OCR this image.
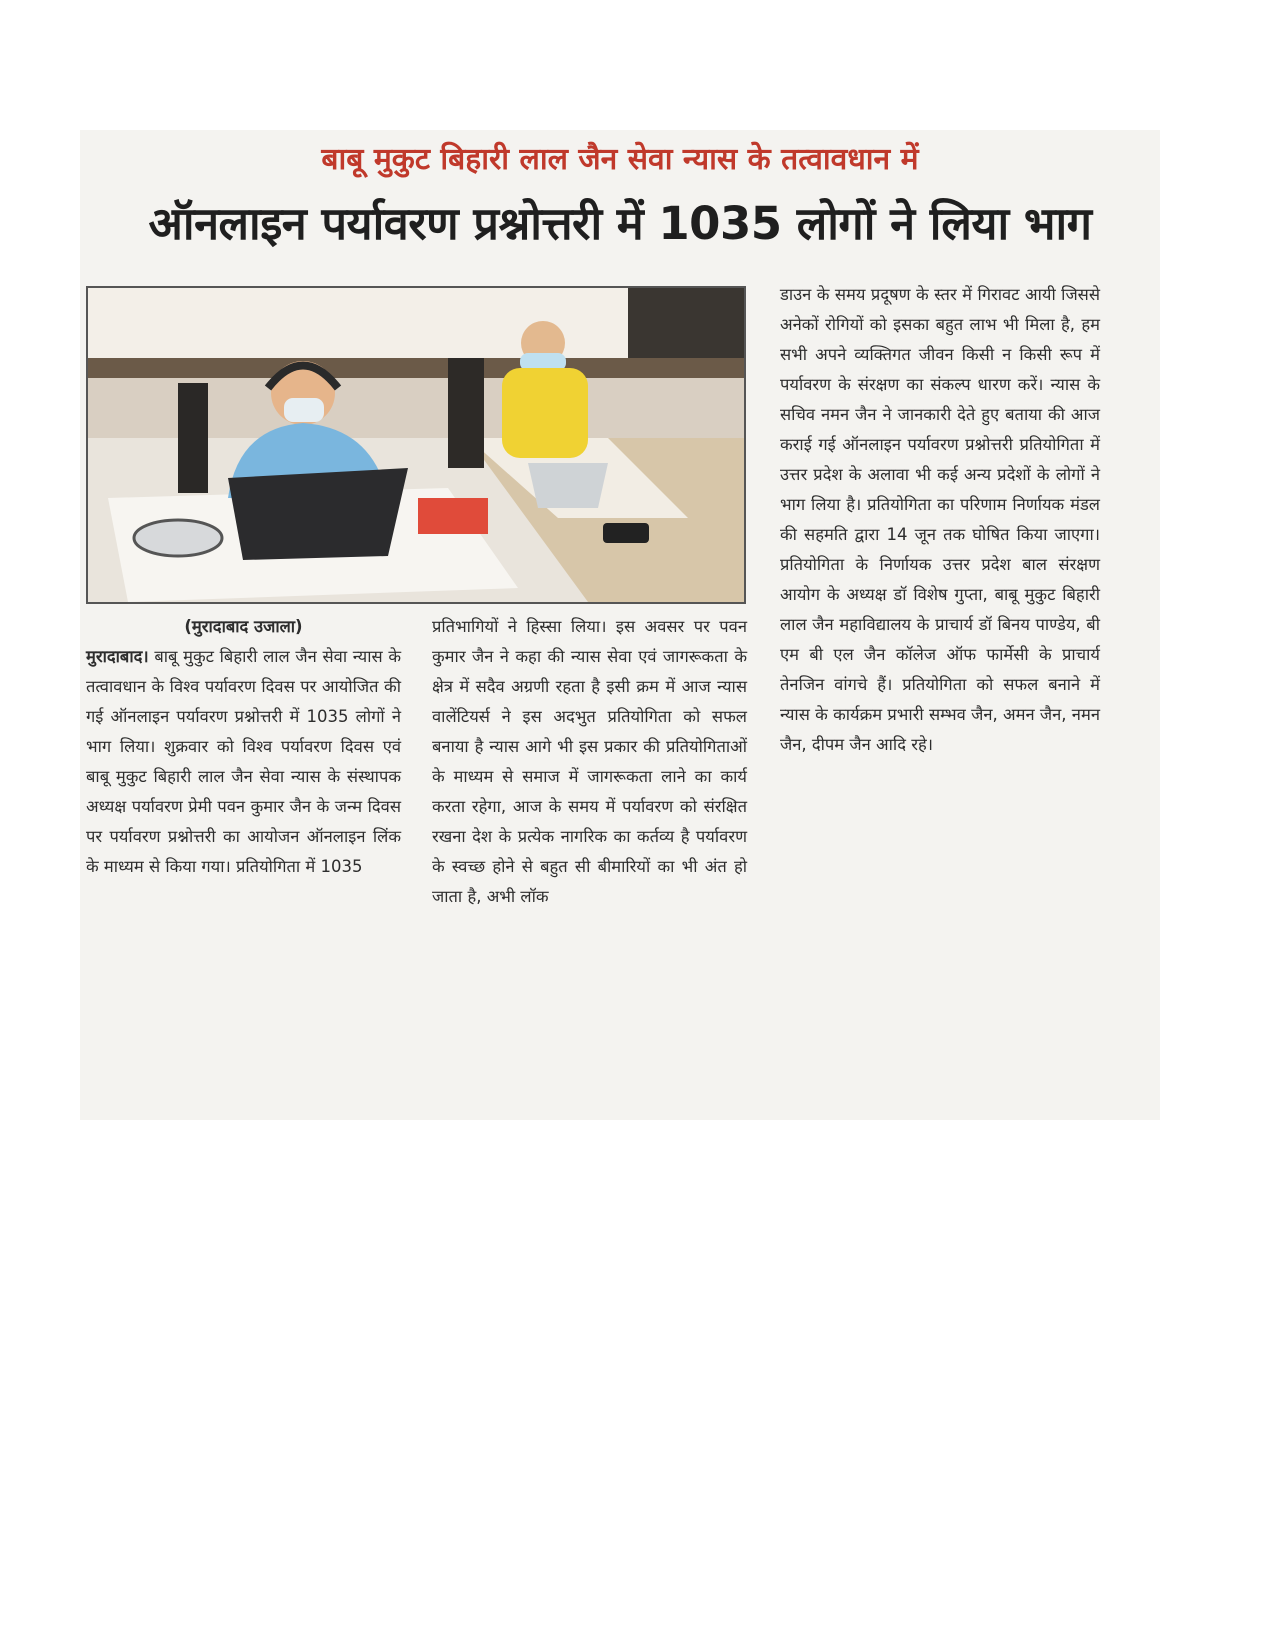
बाबू मुकुट बिहारी लाल जैन सेवा न्यास के तत्वावधान में
ऑनलाइन पर्यावरण प्रश्नोत्तरी में 1035 लोगों ने लिया भाग
(मुरादाबाद उजाला)

मुरादाबाद। बाबू मुकुट बिहारी लाल जैन सेवा न्यास के तत्वावधान के विश्व पर्यावरण दिवस पर आयोजित की गई ऑनलाइन पर्यावरण प्रश्नोत्तरी में 1035 लोगों ने भाग लिया। शुक्रवार को विश्व पर्यावरण दिवस एवं बाबू मुकुट बिहारी लाल जैन सेवा न्यास के संस्थापक अध्यक्ष पर्यावरण प्रेमी पवन कुमार जैन के जन्म दिवस पर पर्यावरण प्रश्नोत्तरी का आयोजन ऑनलाइन लिंक के माध्यम से किया गया। प्रतियोगिता में 1035

प्रतिभागियों ने हिस्सा लिया। इस अवसर पर पवन कुमार जैन ने कहा की न्यास सेवा एवं जागरूकता के क्षेत्र में सदैव अग्रणी रहता है इसी क्रम में आज न्यास वालेंटियर्स ने इस अदभुत प्रतियोगिता को सफल बनाया है न्यास आगे भी इस प्रकार की प्रतियोगिताओं के माध्यम से समाज में जागरूकता लाने का कार्य करता रहेगा, आज के समय में पर्यावरण को संरक्षित रखना देश के प्रत्येक नागरिक का कर्तव्य है पर्यावरण के स्वच्छ होने से बहुत सी बीमारियों का भी अंत हो जाता है, अभी लॉक

डाउन के समय प्रदूषण के स्तर में गिरावट आयी जिससे अनेकों रोगियों को इसका बहुत लाभ भी मिला है, हम सभी अपने व्यक्तिगत जीवन किसी न किसी रूप में पर्यावरण के संरक्षण का संकल्प धारण करें। न्यास के सचिव नमन जैन ने जानकारी देते हुए बताया की आज कराई गई ऑनलाइन पर्यावरण प्रश्नोत्तरी प्रतियोगिता में उत्तर प्रदेश के अलावा भी कई अन्य प्रदेशों के लोगों ने भाग लिया है। प्रतियोगिता का परिणाम निर्णायक मंडल की सहमति द्वारा 14 जून तक घोषित किया जाएगा। प्रतियोगिता के निर्णायक उत्तर प्रदेश बाल संरक्षण आयोग के अध्यक्ष डॉ विशेष गुप्ता, बाबू मुकुट बिहारी लाल जैन महाविद्यालय के प्राचार्य डॉ बिनय पाण्डेय, बी एम बी एल जैन कॉलेज ऑफ फार्मेसी के प्राचार्य तेनजिन वांगचे हैं। प्रतियोगिता को सफल बनाने में न्यास के कार्यक्रम प्रभारी सम्भव जैन, अमन जैन, नमन जैन, दीपम जैन आदि रहे।
